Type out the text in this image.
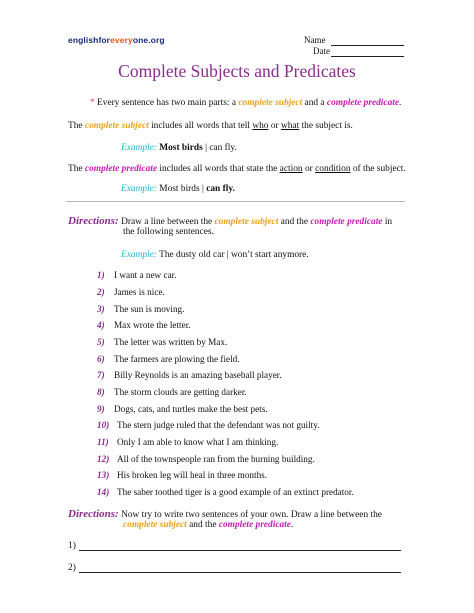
englishforeveryone.org	Name
Date
Complete Subjects and Predicates
* Every sentence has two main parts: a complete subject and a complete predicate.
The complete subject includes all words that tell who or what the subject is.
Example: Most birds | can fly.
The complete predicate includes all words that state the action or condition of the subject.
Example: Most birds | can fly.
Directions: Draw a line between the complete subject and the complete predicate in
the following sentences.
Example: The dusty old car | won’t start anymore.
1) I want a new car.
2) James is nice.
3) The sun is moving.
4) Max wrote the letter.
5) The letter was written by Max.
6) The farmers are plowing the field.
7) Billy Reynolds is an amazing baseball player.
8) The storm clouds are getting darker.
9) Dogs, cats, and turtles make the best pets.
10) The stern judge ruled that the defendant was not guilty.
11) Only I am able to know what I am thinking.
12) All of the townspeople ran from the burning building.
13) His broken leg will heal in three months.
14) The saber toothed tiger is a good example of an extinct predator.
Directions: Now try to write two sentences of your own. Draw a line between the
complete subject and the complete predicate.
1)
2)
